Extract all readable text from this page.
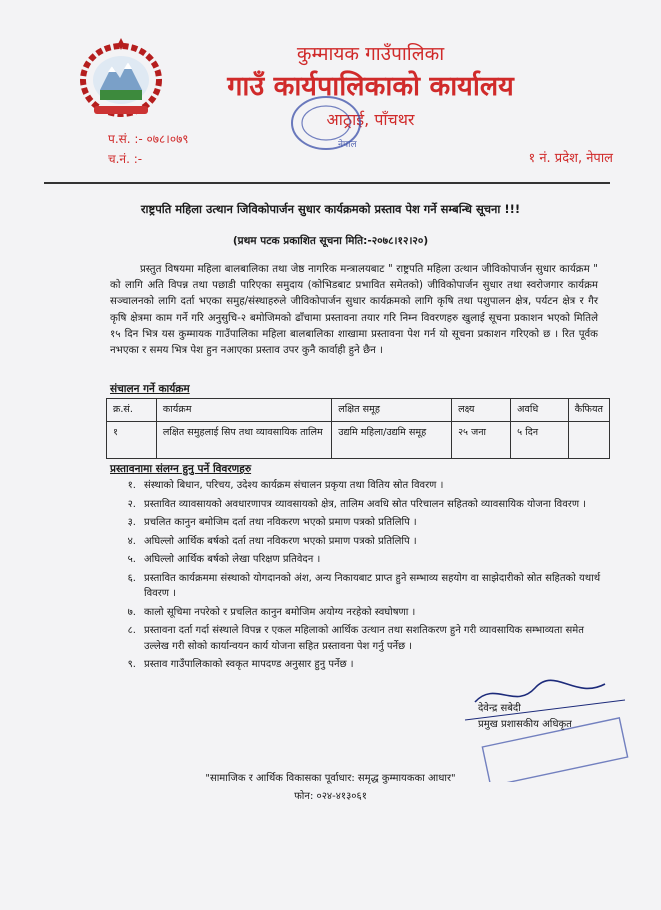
कुम्मायक गाउँपालिका
गाउँ कार्यपालिकाको कार्यालय
आठ्राई, पाँचथर
नेपाल
प.सं. :- ०७८।०७९
च.नं. :-	१ नं. प्रदेश, नेपाल
राष्ट्रपति महिला उत्थान जिविकोपार्जन सुधार कार्यक्रमको प्रस्ताव पेश गर्ने सम्बन्धि सूचना !!!
(प्रथम पटक प्रकाशित सूचना मिति:-२०७८।१२।२०)

प्रस्तुत विषयमा महिला बालबालिका तथा जेष्ठ नागरिक मन्त्रालयबाट " राष्ट्रपति महिला उत्थान जीविकोपार्जन सुधार कार्यक्रम " को लागि अति विपन्न तथा पछाडी पारिएका समुदाय (कोभिडबाट प्रभावित समेतको) जीविकोपार्जन सुधार तथा स्वरोजगार कार्यक्रम सञ्चालनको लागि दर्ता भएका समुह/संस्थाहरुले जीविकोपार्जन सुधार कार्यक्रमको लागि कृषि तथा पशुपालन क्षेत्र, पर्यटन क्षेत्र र गैर कृषि क्षेत्रमा काम गर्ने गरि अनुसुचि-२ बमोजिमको ढाँचामा प्रस्तावना तयार गरि निम्न विवरणहरु खुलाई सूचना प्रकाशन भएको मितिले १५ दिन भित्र यस कुम्मायक गाउँपालिका महिला बालबालिका शाखामा प्रस्तावना पेश गर्न यो सूचना प्रकाशन गरिएको छ । रित पूर्वक नभएका र समय भित्र पेश हुन नआएका प्रस्ताव उपर कुनै कार्वाही हुने छैन ।

संचालन गर्ने कार्यक्रम
क्र.सं.	कार्यक्रम	लक्षित समूह	लक्ष्य	अवधि	कैफियत
१	लक्षित समुहलाई सिप तथा व्यावसायिक तालिम	उद्यमि महिला/उद्यमि समूह	२५ जना	५ दिन	
प्रस्तावनामा संलग्न हुनु पर्ने विवरणहरु
१. संस्थाको बिधान, परिचय, उदेश्य कार्यक्रम संचालन प्रकृया तथा वितिय स्रोत विवरण ।
२. प्रस्तावित व्यावसायको अवधारणापत्र व्यावसायको क्षेत्र, तालिम अवधि स्रोत परिचालन सहितको व्यावसायिक योजना विवरण ।
३. प्रचलित कानुन बमोजिम दर्ता तथा नविकरण भएको प्रमाण पत्रको प्रतिलिपि ।
४. अघिल्लो आर्थिक बर्षको दर्ता तथा नविकरण भएको प्रमाण पत्रको प्रतिलिपि ।
५. अघिल्लो आर्थिक बर्षको लेखा परिक्षण प्रतिवेदन ।
६. प्रस्तावित कार्यक्रममा संस्थाको योगदानको अंश, अन्य निकायबाट प्राप्त हुने सम्भाव्य सहयोग वा साझेदारीको स्रोत सहितको यथार्थ विवरण ।
७. कालो सूचिमा नपरेको र प्रचलित कानुन बमोजिम अयोग्य नरहेको स्वघोषणा ।
८. प्रस्तावना दर्ता गर्दा संस्थाले विपन्न र एकल महिलाको आर्थिक उत्थान तथा सशतिकरण हुने गरी व्यावसायिक सम्भाव्यता समेत उल्लेख गरी सोको कार्यान्वयन कार्य योजना सहित प्रस्तावना पेश गर्नु पर्नेछ ।
९. प्रस्ताव गाउँपालिकाको स्वकृत मापदण्ड अनुसार हुनु पर्नेछ ।
देवेन्द्र सबेदी
प्रमुख प्रशासकीय अधिकृत
"सामाजिक र आर्थिक विकासका पूर्वाधार: समृद्ध कुम्मायकका आधार"
फोन: ०२४-४१३०६१
